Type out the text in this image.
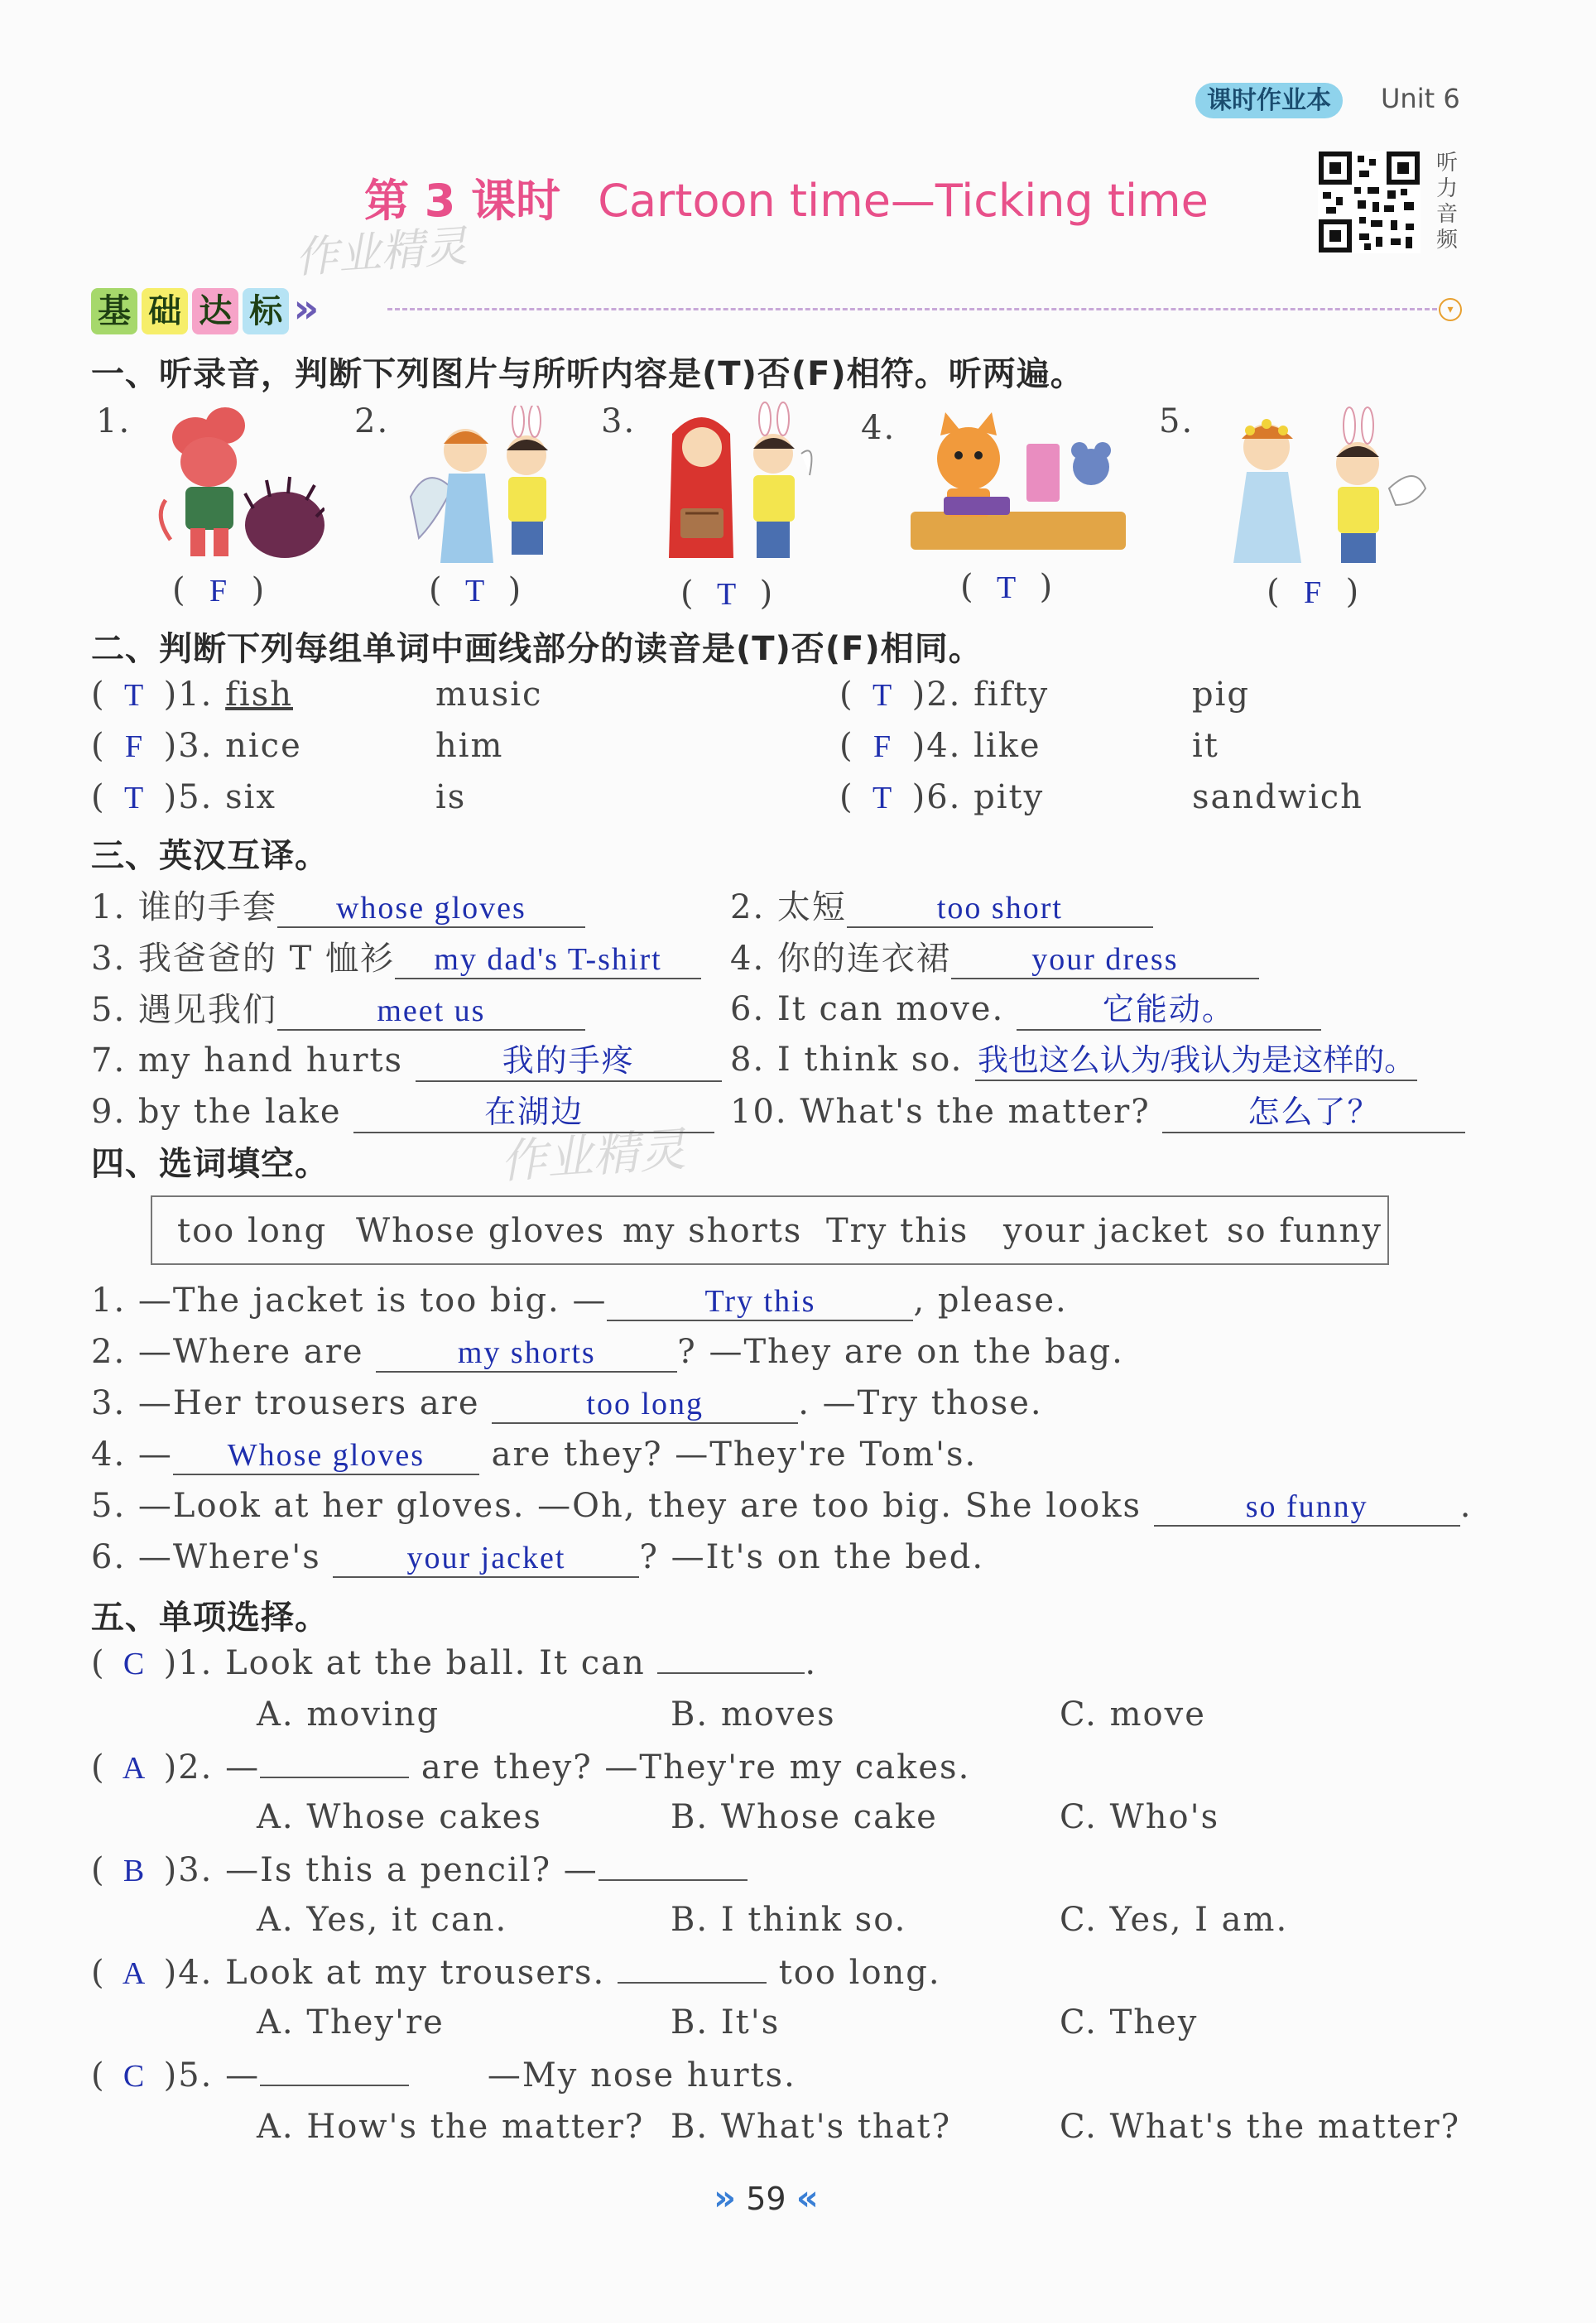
课时作业本	Unit 6
第 3 课时 Cartoon time—Ticking time
听力音频
作业精灵
作业精灵
基 础 达 标 »	▾
一、听录音，判断下列图片与所听内容是(T)否(F)相符。听两遍。
1.	2.	3.	4.	5.
( F )	( T )	( T )	( T )	( F )
二、判断下列每组单词中画线部分的读音是(T)否(F)相同。
( T )1. fish	music	( T )2. fifty	pig
( F )3. nice	him	( F )4. like	it
( T )5. six	is	( T )6. pity	sandwich
三、英汉互译。
1. 谁的手套 whose gloves	2. 太短	too short
3. 我爸爸的 T 恤衫 my dad's T-shirt	4. 你的连衣裙	your dress
5. 遇见我们	meet us	6. It can move.	它能动。
7. my hand hurts	我的手疼	8. I think so. 我也这么认为/我认为是这样的。
9. by the lake	在湖边	10. What's the matter?	怎么了？
四、选词填空。
too long Whose gloves my shorts Try this your jacket so funny
1. —The jacket is too big. —	Try this	, please.
2. —Where are	my shorts ? —They are on the bag.
3. —Her trousers are	too long	. —Try those.
4. — Whose gloves are they? —They're Tom's.
5. —Look at her gloves. —Oh, they are too big. She looks	so funny	.
6. —Where's	your jacket ? —It's on the bed.
五、单项选择。
( C )1. Look at the ball. It can	.
A. moving	B. moves	C. move
( A )2. —	are they? —They're my cakes.
A. Whose cakes	B. Whose cake	C. Who's
( B )3. —Is this a pencil? —
A. Yes, it can.	B. I think so.	C. Yes, I am.
( A )4. Look at my trousers.	too long.
A. They're	B. It's	C. They
( C )5. —	—My nose hurts.
A. How's the matter? B. What's that?	C. What's the matter?
» 59 «
